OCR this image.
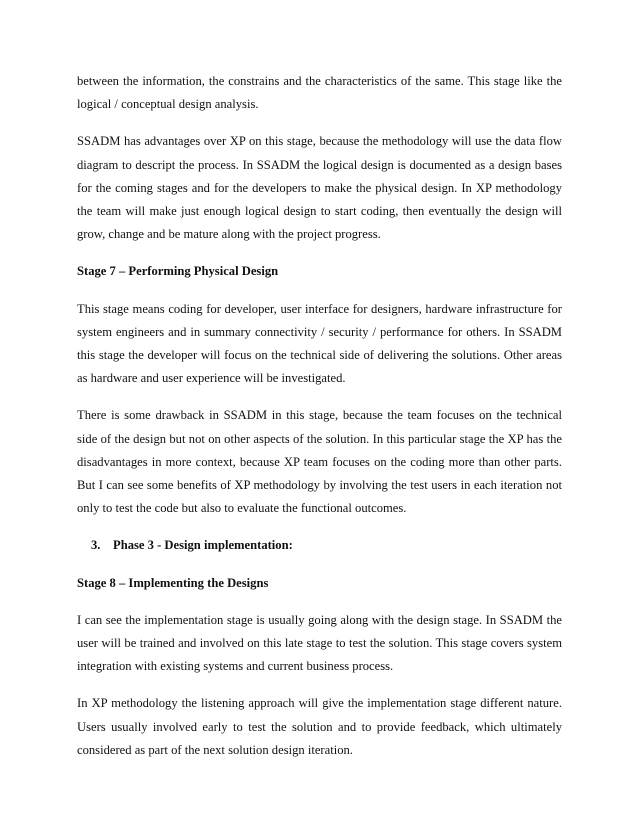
between the information, the constrains and the characteristics of the same. This stage like the logical / conceptual design analysis.

SSADM has advantages over XP on this stage, because the methodology will use the data flow diagram to descript the process. In SSADM the logical design is documented as a design bases for the coming stages and for the developers to make the physical design. In XP methodology the team will make just enough logical design to start coding, then eventually the design will grow, change and be mature along with the project progress.

Stage 7 – Performing Physical Design

This stage means coding for developer, user interface for designers, hardware infrastructure for system engineers and in summary connectivity / security / performance for others. In SSADM this stage the developer will focus on the technical side of delivering the solutions. Other areas as hardware and user experience will be investigated.

There is some drawback in SSADM in this stage, because the team focuses on the technical side of the design but not on other aspects of the solution. In this particular stage the XP has the disadvantages in more context, because XP team focuses on the coding more than other parts. But I can see some benefits of XP methodology by involving the test users in each iteration not only to test the code but also to evaluate the functional outcomes.

3. Phase 3 - Design implementation:
Stage 8 – Implementing the Designs

I can see the implementation stage is usually going along with the design stage. In SSADM the user will be trained and involved on this late stage to test the solution. This stage covers system integration with existing systems and current business process.

In XP methodology the listening approach will give the implementation stage different nature. Users usually involved early to test the solution and to provide feedback, which ultimately considered as part of the next solution design iteration.
